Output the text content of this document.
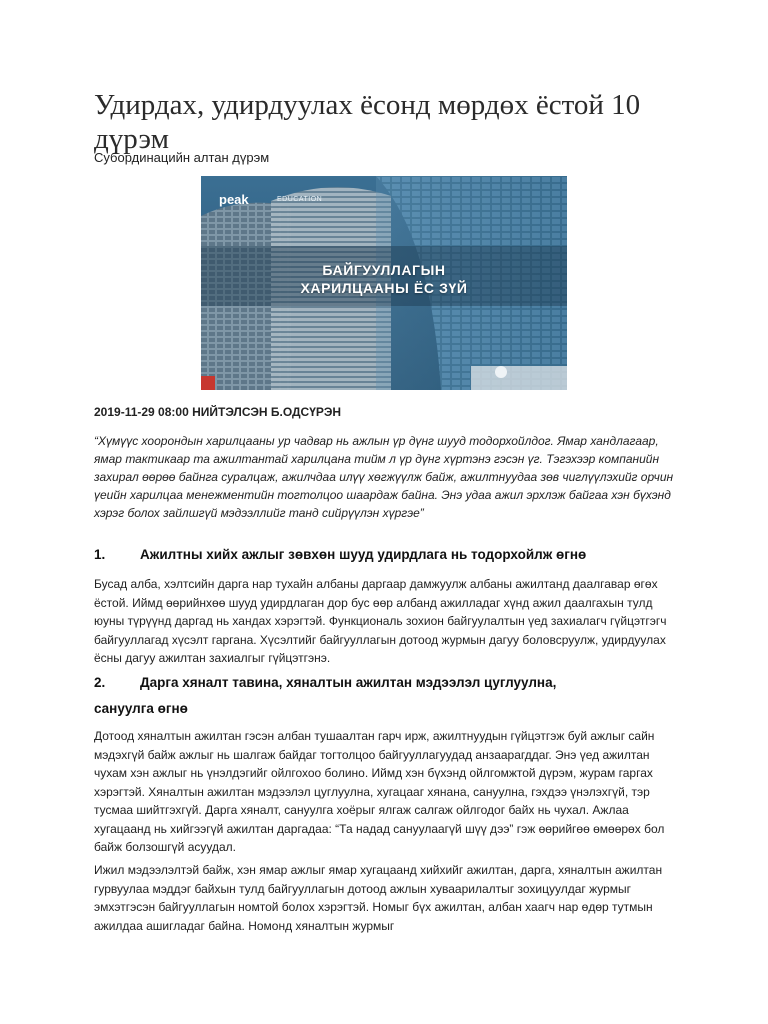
Удирдах, удирдуулах ёсонд мөрдөх ёстой 10 дүрэм
Субординацийн алтан дүрэм
peak	EDUCATION
БАЙГУУЛЛАГЫН
ХАРИЛЦААНЫ ЁС ЗҮЙ
2019-11-29 08:00 НИЙТЭЛСЭН Б.ОДСҮРЭН

“Хүмүүс хоорондын харилцааны ур чадвар нь ажлын үр дүнг шууд тодорхойлдог. Ямар хандлагаар, ямар тактикаар та ажилтантай харилцана тийм л үр дүнг хүртэнэ гэсэн үг. Тэгэхээр компанийн захирал өөрөө байнга суралцаж, ажилчдаа илүү хөгжүүлж байж, ажилтнуудаа зөв чиглүүлэхийг орчин үеийн харилцаа менежментийн тогтолцоо шаардаж байна. Энэ удаа ажил эрхлэж байгаа хэн бүхэнд хэрэг болох зайлшгүй мэдээллийг танд сийрүүлэн хүргэе”

1.	Ажилтны хийх ажлыг зөвхөн шууд удирдлага нь тодорхойлж өгнө

Бусад алба, хэлтсийн дарга нар тухайн албаны даргаар дамжуулж албаны ажилтанд даалгавар өгөх ёстой. Иймд өөрийнхөө шууд удирдлаган дор бус өөр албанд ажилладаг хүнд ажил даалгахын тулд юуны түрүүнд даргад нь хандах хэрэгтэй. Функциональ зохион байгуулалтын үед захиалагч гүйцэтгэгч байгууллагад хүсэлт гаргана. Хүсэлтийг байгууллагын дотоод журмын дагуу боловсруулж, удирдуулах ёсны дагуу ажилтан захиалгыг гүйцэтгэнэ.

2.	Дарга хяналт тавина, хяналтын ажилтан мэдээлэл цуглуулна,
сануулга өгнө

Дотоод хяналтын ажилтан гэсэн албан тушаалтан гарч ирж, ажилтнуудын гүйцэтгэж буй ажлыг сайн мэдэхгүй байж ажлыг нь шалгаж байдаг тогтолцоо байгууллагуудад анзаарагддаг. Энэ үед ажилтан чухам хэн ажлыг нь үнэлдэгийг ойлгохоо болино. Иймд хэн бүхэнд ойлгомжтой дүрэм, журам гаргах хэрэгтэй. Хяналтын ажилтан мэдээлэл цуглуулна, хугацааг хянана, сануулна, гэхдээ үнэлэхгүй, тэр тусмаа шийтгэхгүй. Дарга хяналт, сануулга хоёрыг ялгаж салгаж ойлгодог байх нь чухал. Ажлаа хугацаанд нь хийгээгүй ажилтан даргадаа: “Та надад сануулаагүй шүү дээ” гэж өөрийгөө өмөөрөх бол байж болзошгүй асуудал.

Ижил мэдээлэлтэй байж, хэн ямар ажлыг ямар хугацаанд хийхийг ажилтан, дарга, хяналтын ажилтан гурвуулаа мэддэг байхын тулд байгууллагын дотоод ажлын хуваарилалтыг зохицуулдаг журмыг эмхэтгэсэн байгууллагын номтой болох хэрэгтэй. Номыг бүх ажилтан, албан хаагч нар өдөр тутмын ажилдаа ашигладаг байна. Номонд хяналтын журмыг
